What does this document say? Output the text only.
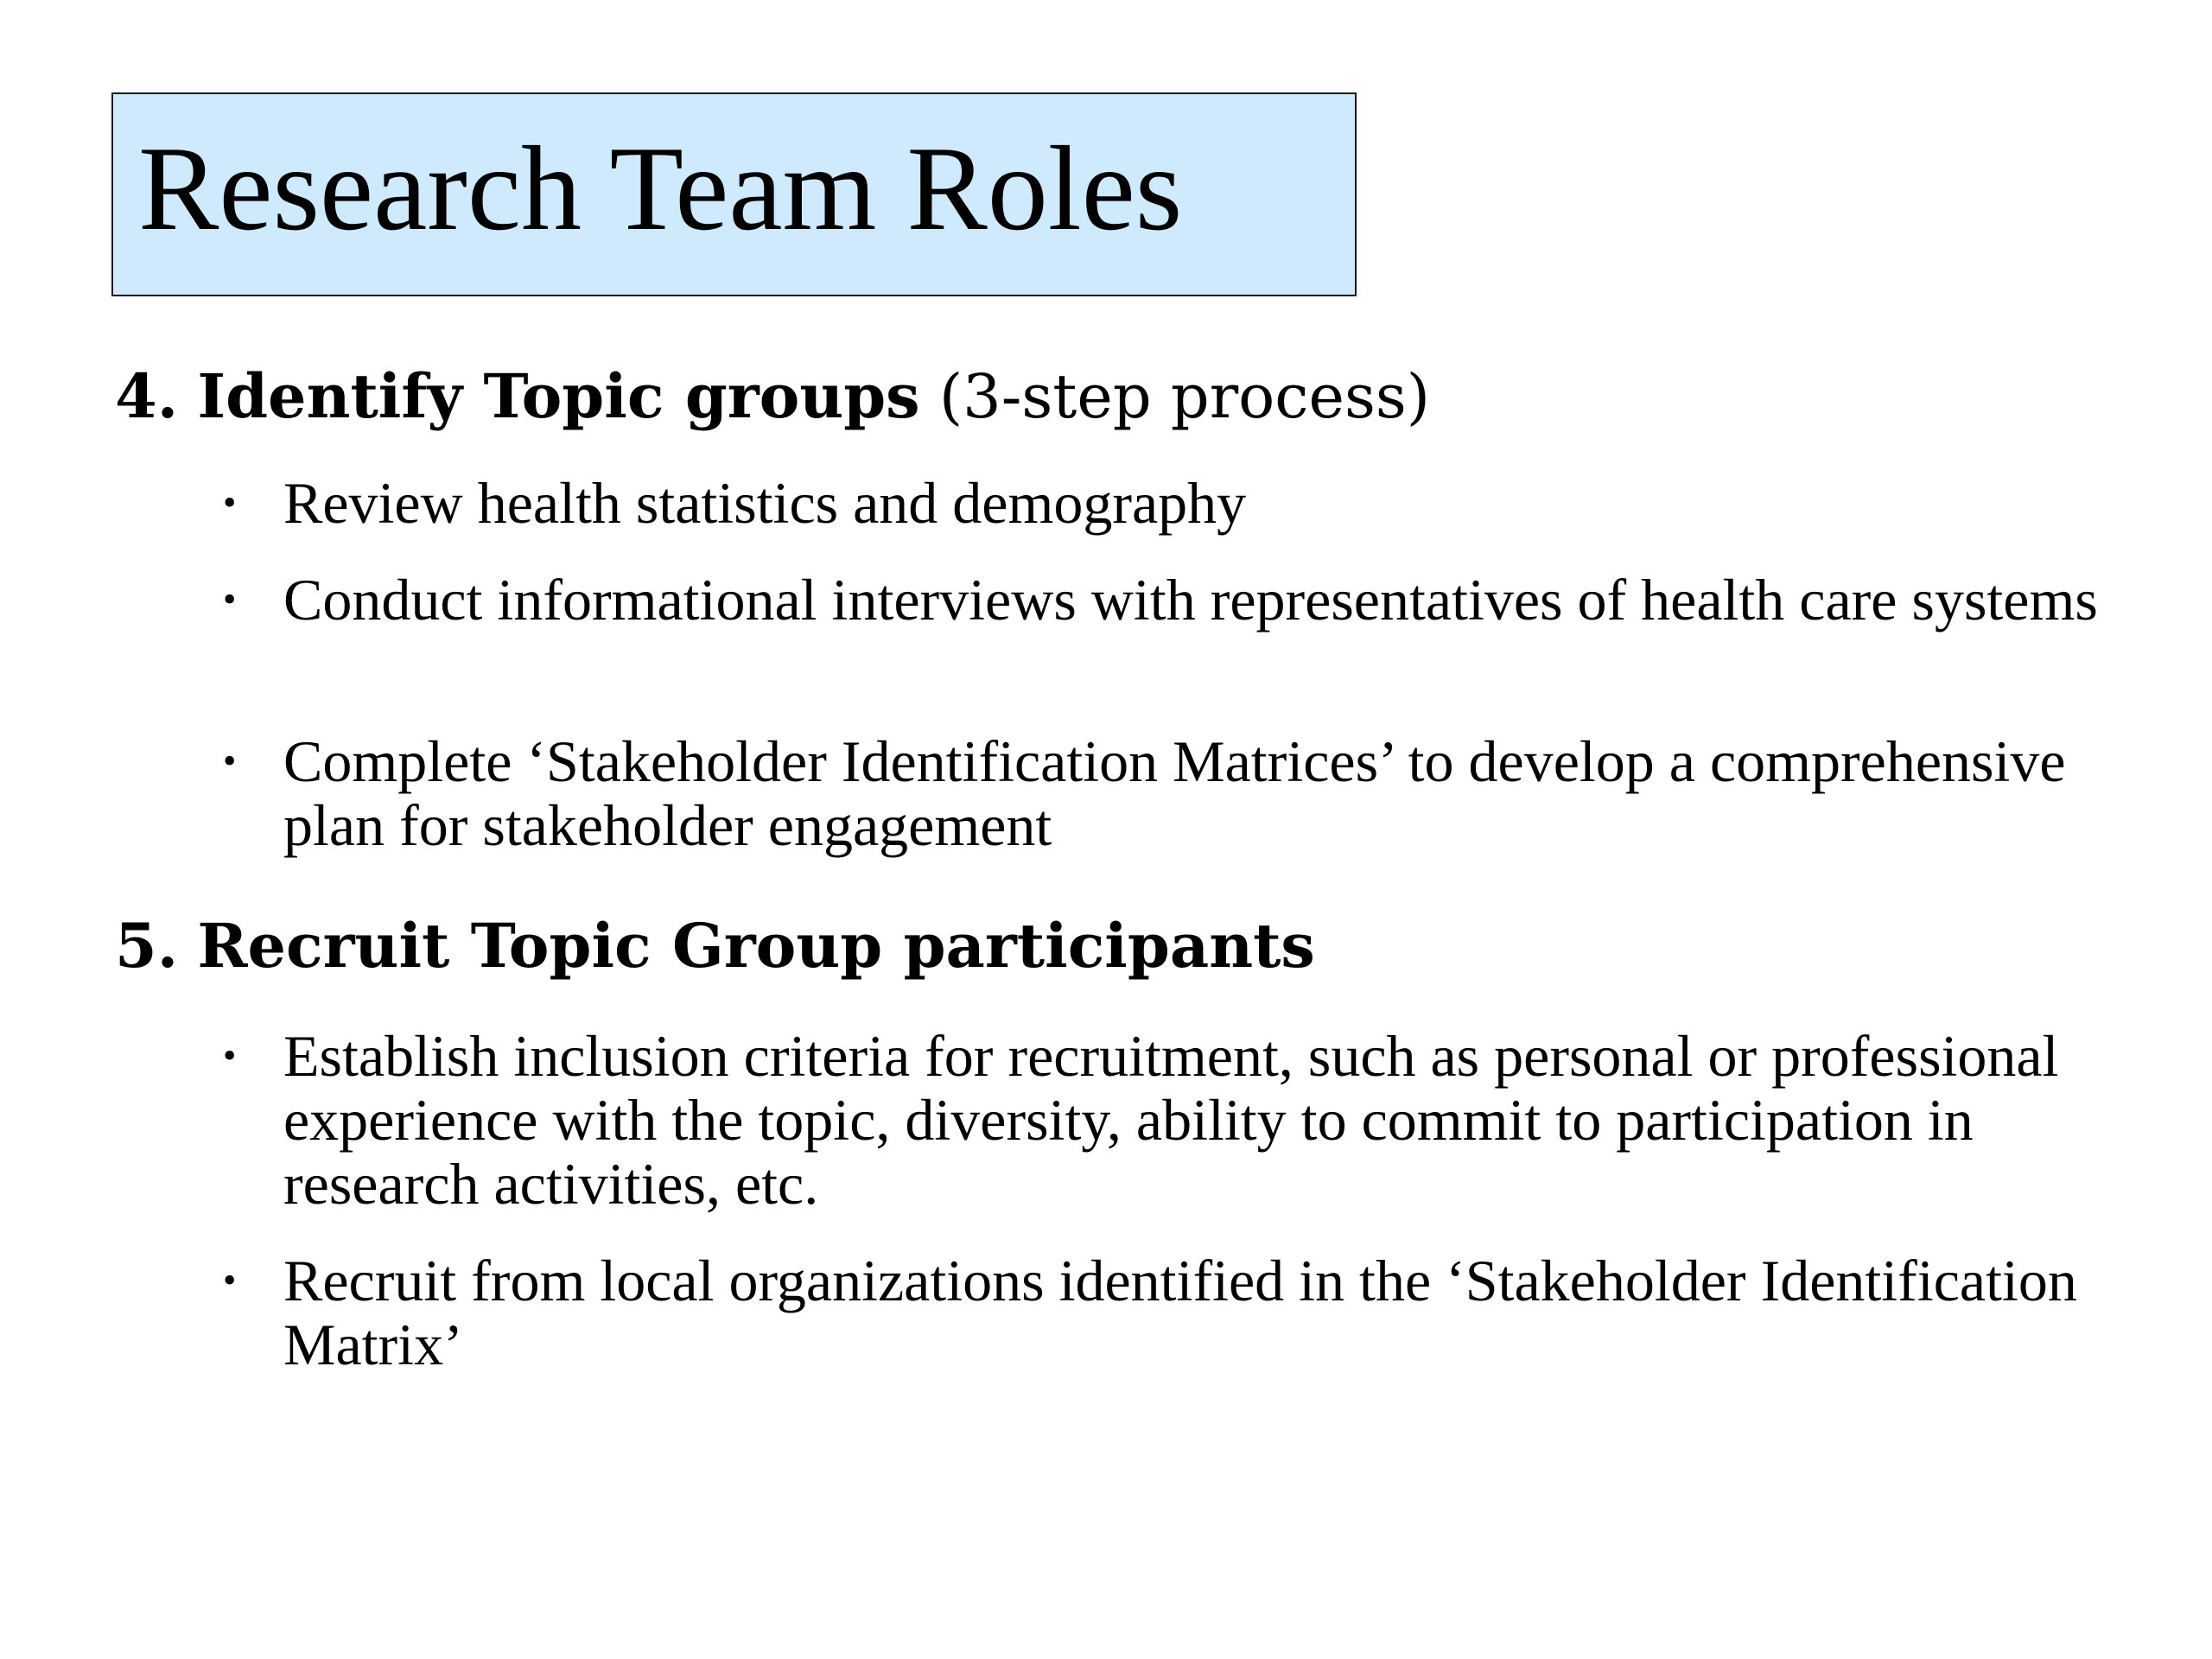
Research Team Roles
4. Identify Topic groups (3-step process)
• Review health statistics and demography
• Conduct informational interviews with representatives of health care systems
• Complete ‘Stakeholder Identification Matrices’ to develop a comprehensive plan for stakeholder engagement
5. Recruit Topic Group participants
• Establish inclusion criteria for recruitment, such as personal or professional experience with the topic, diversity, ability to commit to participation in research activities, etc.
• Recruit from local organizations identified in the ‘Stakeholder Identification Matrix’
